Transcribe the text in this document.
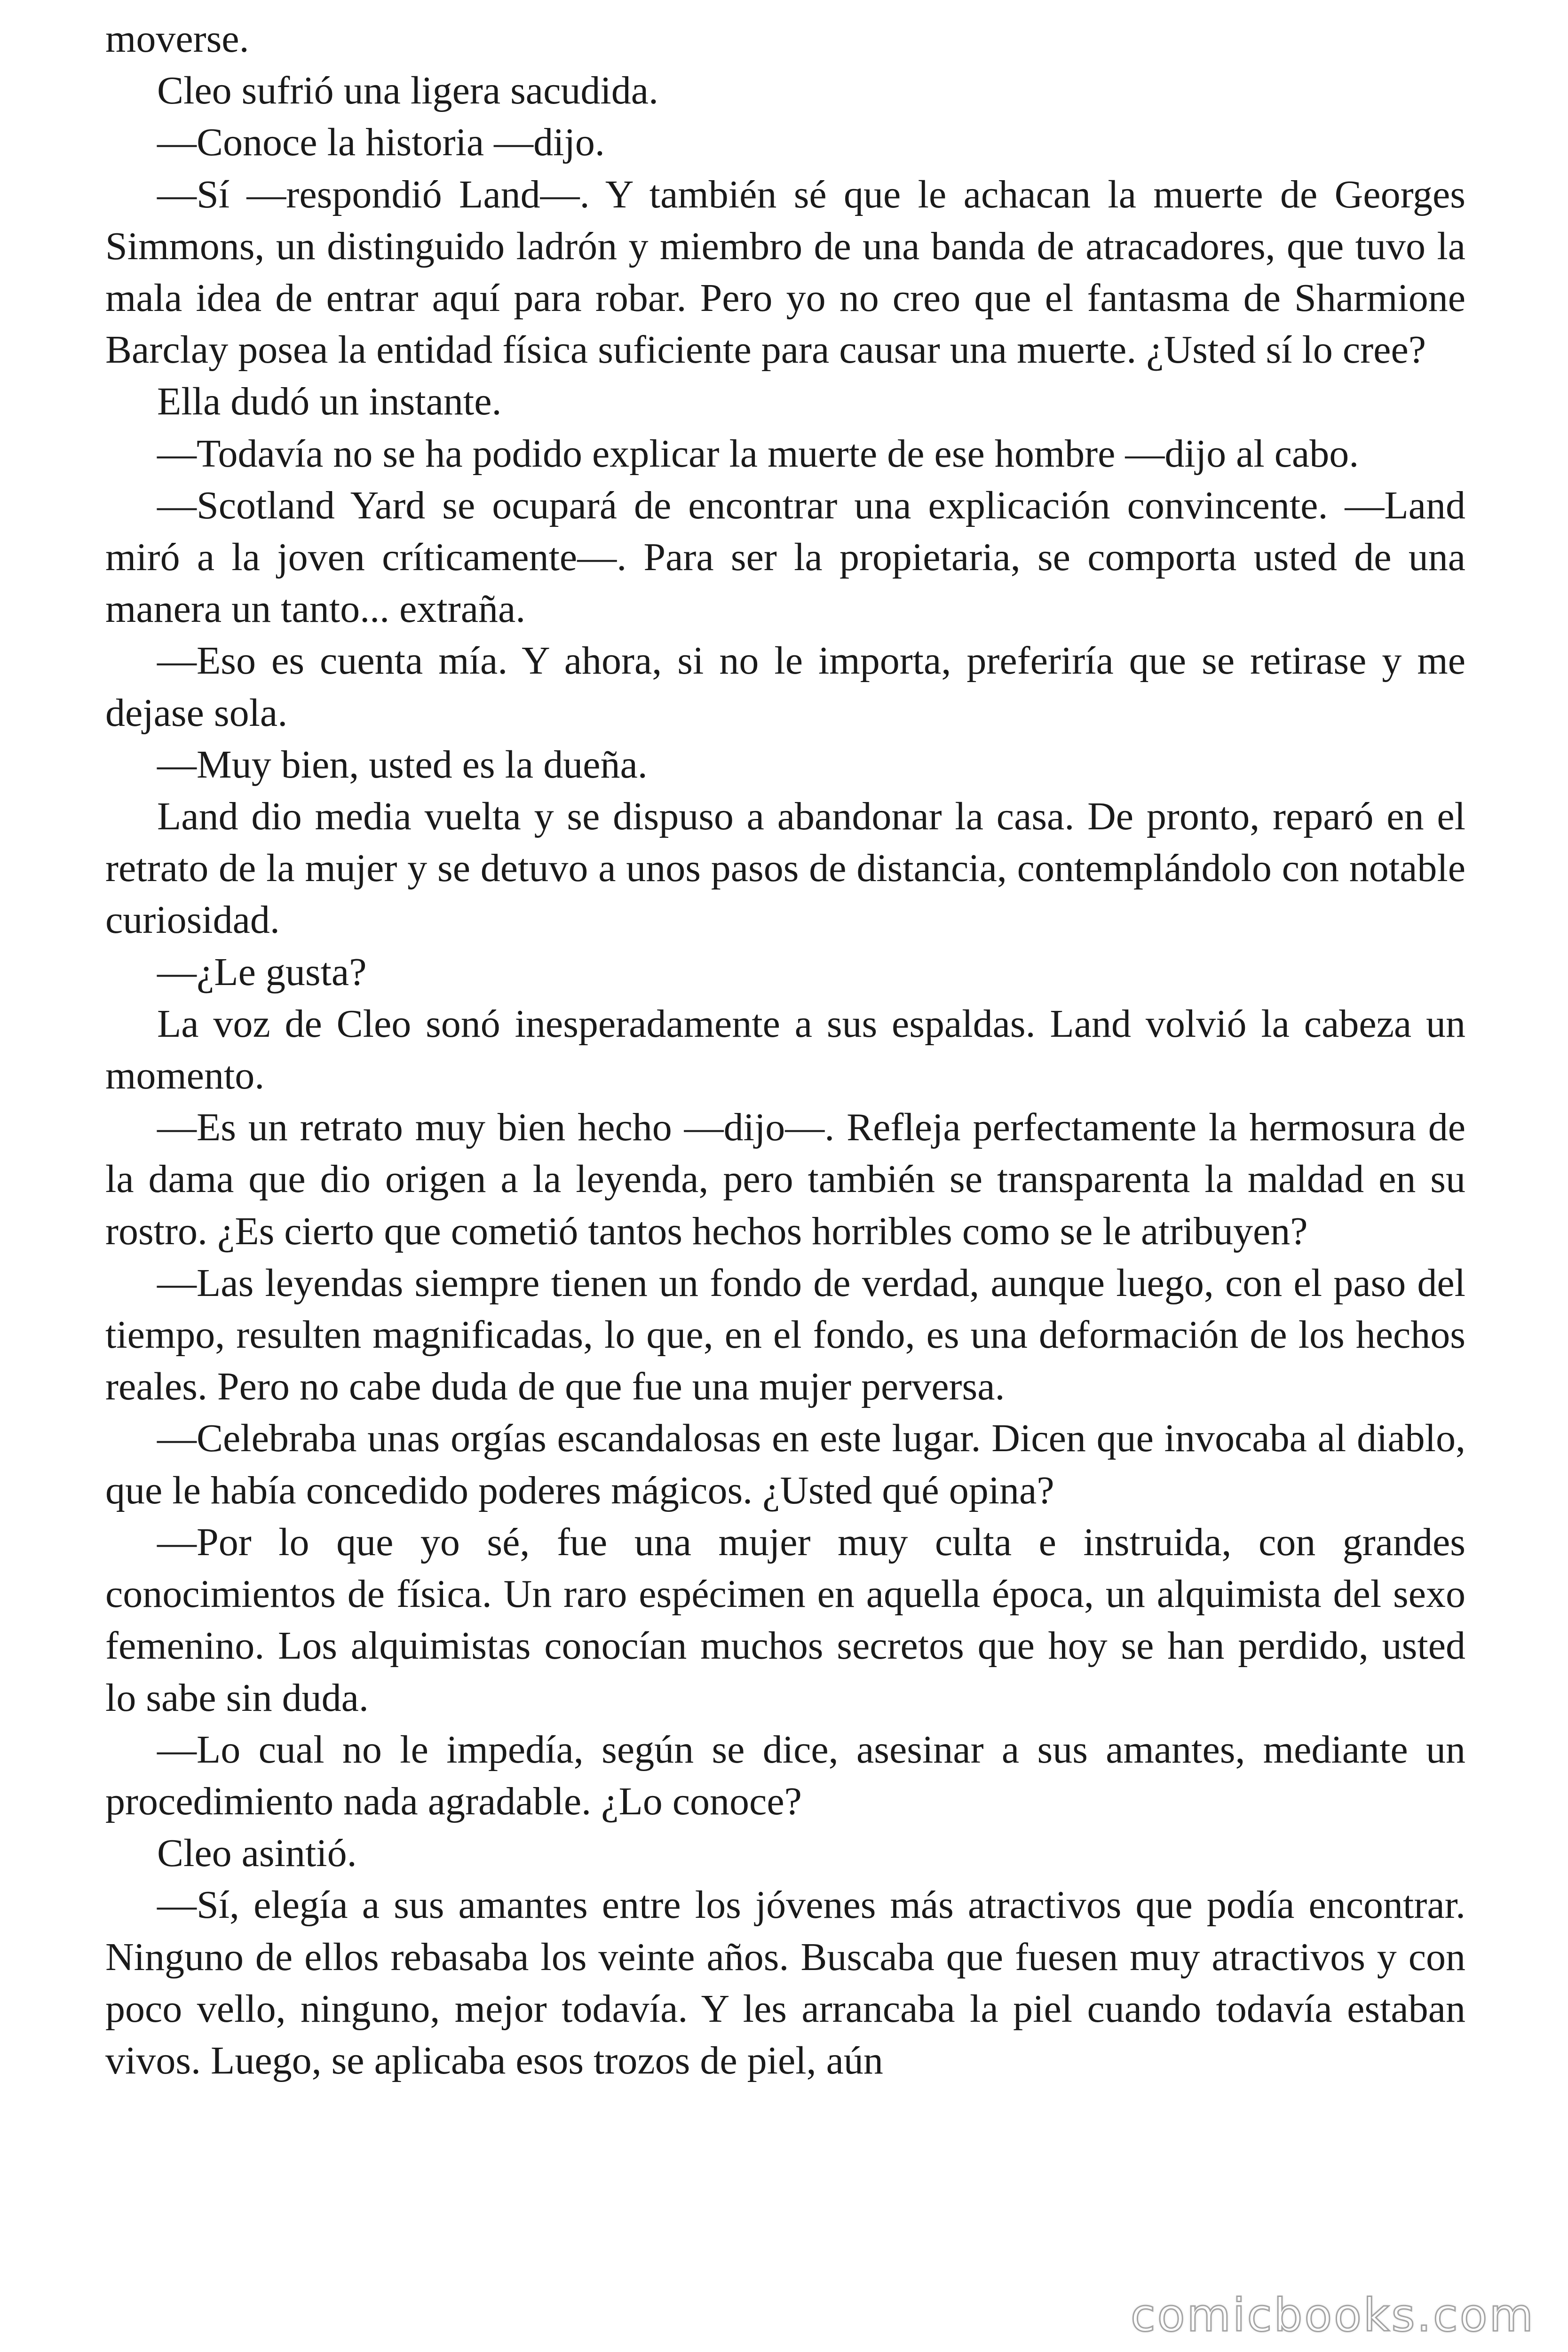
moverse.

Cleo sufrió una ligera sacudida.

—Conoce la historia —dijo.

—Sí —respondió Land—. Y también sé que le achacan la muerte de Georges Simmons, un distinguido ladrón y miembro de una banda de atracadores, que tuvo la mala idea de entrar aquí para robar. Pero yo no creo que el fantasma de Sharmione Barclay posea la entidad física suficiente para causar una muerte. ¿Usted sí lo cree?

Ella dudó un instante.

—Todavía no se ha podido explicar la muerte de ese hombre —dijo al cabo.

—Scotland Yard se ocupará de encontrar una explicación convincente. —Land miró a la joven críticamente—. Para ser la propietaria, se comporta usted de una manera un tanto... extraña.

—Eso es cuenta mía. Y ahora, si no le importa, preferiría que se retirase y me dejase sola.

—Muy bien, usted es la dueña.

Land dio media vuelta y se dispuso a abandonar la casa. De pronto, reparó en el retrato de la mujer y se detuvo a unos pasos de distancia, contemplándolo con notable curiosidad.

—¿Le gusta?

La voz de Cleo sonó inesperadamente a sus espaldas. Land volvió la cabeza un momento.

—Es un retrato muy bien hecho —dijo—. Refleja perfectamente la hermosura de la dama que dio origen a la leyenda, pero también se transparenta la maldad en su rostro. ¿Es cierto que cometió tantos hechos horribles como se le atribuyen?

—Las leyendas siempre tienen un fondo de verdad, aunque luego, con el paso del tiempo, resulten magnificadas, lo que, en el fondo, es una deformación de los hechos reales. Pero no cabe duda de que fue una mujer perversa.

—Celebraba unas orgías escandalosas en este lugar. Dicen que invocaba al diablo, que le había concedido poderes mágicos. ¿Usted qué opina?

—Por lo que yo sé, fue una mujer muy culta e instruida, con grandes conocimientos de física. Un raro espécimen en aquella época, un alquimista del sexo femenino. Los alquimistas conocían muchos secretos que hoy se han perdido, usted lo sabe sin duda.

—Lo cual no le impedía, según se dice, asesinar a sus amantes, mediante un procedimiento nada agradable. ¿Lo conoce?

Cleo asintió.

—Sí, elegía a sus amantes entre los jóvenes más atractivos que podía encontrar. Ninguno de ellos rebasaba los veinte años. Buscaba que fuesen muy atractivos y con poco vello, ninguno, mejor todavía. Y les arrancaba la piel cuando todavía estaban vivos. Luego, se aplicaba esos trozos de piel, aún

comicbooks.com
